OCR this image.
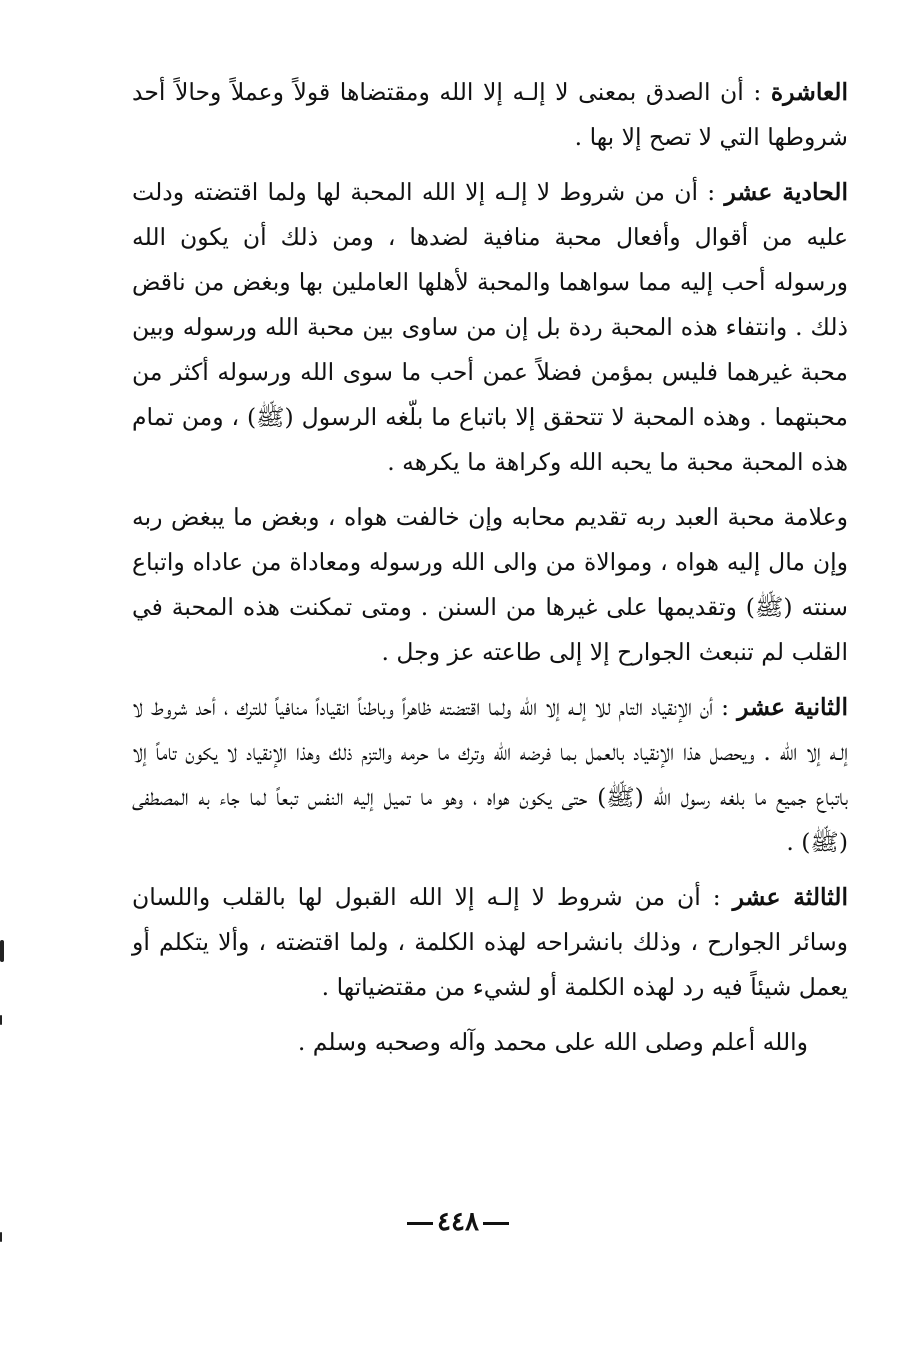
العاشرة : أن الصدق بمعنى لا إلـه إلا الله ومقتضاها قولاً وعملاً وحالاً أحد شروطها التي لا تصح إلا بها .

الحادية عشر : أن من شروط لا إلـه إلا الله المحبة لها ولما اقتضته ودلت عليه من أقوال وأفعال محبة منافية لضدها ، ومن ذلك أن يكون الله ورسوله أحب إليه مما سواهما والمحبة لأهلها العاملين بها وبغض من ناقض ذلك . وانتفاء هذه المحبة ردة بل إن من ساوى بين محبة الله ورسوله وبين محبة غيرهما فليس بمؤمن فضلاً عمن أحب ما سوى الله ورسوله أكثر من محبتهما . وهذه المحبة لا تتحقق إلا باتباع ما بلّغه الرسول (ﷺ) ، ومن تمام هذه المحبة محبة ما يحبه الله وكراهة ما يكرهه .

وعلامة محبة العبد ربه تقديم محابه وإن خالفت هواه ، وبغض ما يبغض ربه وإن مال إليه هواه ، وموالاة من والى الله ورسوله ومعاداة من عاداه واتباع سنته (ﷺ) وتقديمها على غيرها من السنن . ومتى تمكنت هذه المحبة في القلب لم تنبعث الجوارح إلا إلى طاعته عز وجل .

الثانية عشر : أن الإنقياد التام للا إلـه إلا الله ولما اقتضته ظاهراً وباطناً انقياداً منافياً للترك ، أحد شروط لا إلـه إلا الله . ويحصل هذا الإنقياد بالعمل بما فرضه الله وترك ما حرمه والتزم ذلك وهذا الإنقياد لا يكون تاماً إلا باتباع جميع ما بلغه رسول الله (ﷺ) حتى يكون هواه ، وهو ما تميل إليه النفس تبعاً لما جاء به المصطفى (ﷺ) .

الثالثة عشر : أن من شروط لا إلـه إلا الله القبول لها بالقلب واللسان وسائر الجوارح ، وذلك بانشراحه لهذه الكلمة ، ولما اقتضته ، وألا يتكلم أو يعمل شيئاً فيه رد لهذه الكلمة أو لشيء من مقتضياتها .

والله أعلم وصلى الله على محمد وآله وصحبه وسلم .

٤٤٨
